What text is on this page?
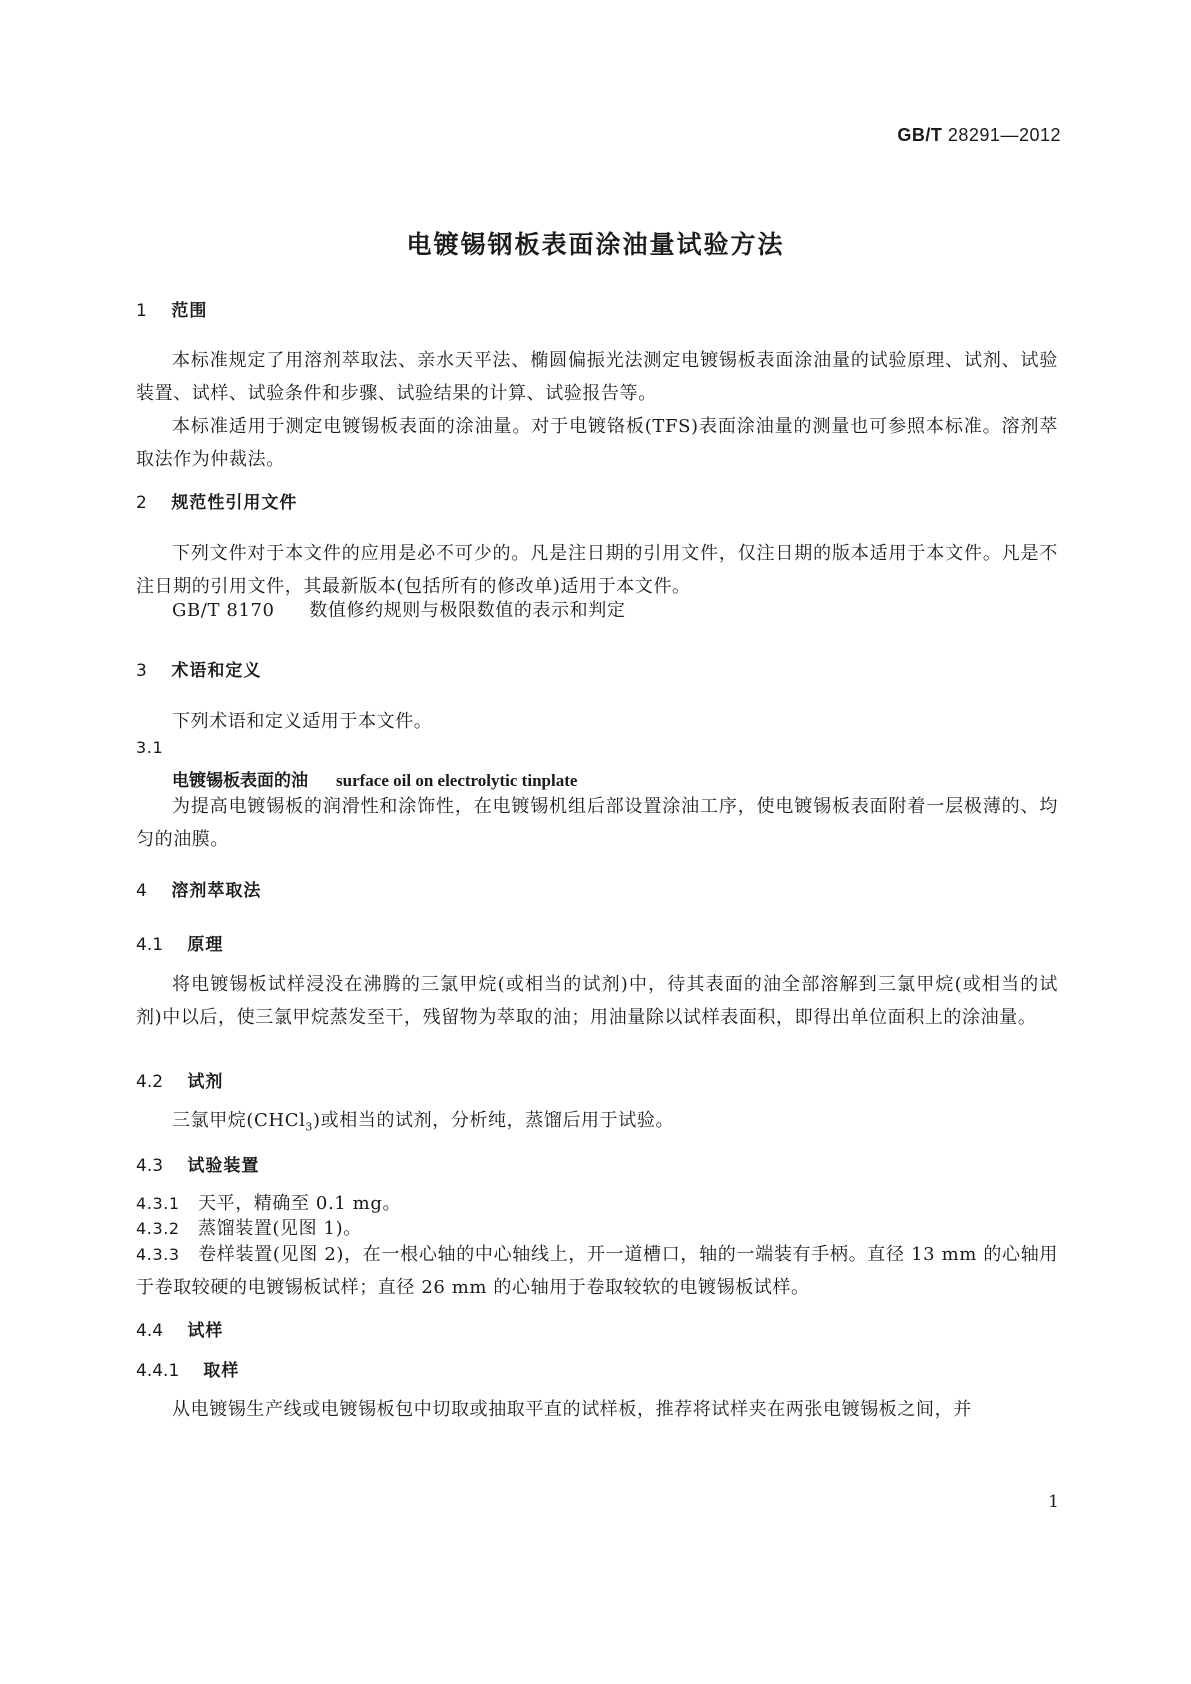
GB/T 28291—2012
电镀锡钢板表面涂油量试验方法
1 范围
本标准规定了用溶剂萃取法、亲水天平法、椭圆偏振光法测定电镀锡板表面涂油量的试验原理、试剂、试验装置、试样、试验条件和步骤、试验结果的计算、试验报告等。
本标准适用于测定电镀锡板表面的涂油量。对于电镀铬板(TFS)表面涂油量的测量也可参照本标准。溶剂萃取法作为仲裁法。
2 规范性引用文件
下列文件对于本文件的应用是必不可少的。凡是注日期的引用文件，仅注日期的版本适用于本文件。凡是不注日期的引用文件，其最新版本(包括所有的修改单)适用于本文件。
GB/T 8170 数值修约规则与极限数值的表示和判定
3 术语和定义
下列术语和定义适用于本文件。
3.1
电镀锡板表面的油 surface oil on electrolytic tinplate
为提高电镀锡板的润滑性和涂饰性，在电镀锡机组后部设置涂油工序，使电镀锡板表面附着一层极薄的、均匀的油膜。
4 溶剂萃取法
4.1 原理
将电镀锡板试样浸没在沸腾的三氯甲烷(或相当的试剂)中，待其表面的油全部溶解到三氯甲烷(或相当的试剂)中以后，使三氯甲烷蒸发至干，残留物为萃取的油；用油量除以试样表面积，即得出单位面积上的涂油量。
4.2 试剂
三氯甲烷(CHCl$_3$)或相当的试剂，分析纯，蒸馏后用于试验。
4.3 试验装置
4.3.1 天平，精确至 0.1 mg。
4.3.2 蒸馏装置(见图 1)。
4.3.3 卷样装置(见图 2)，在一根心轴的中心轴线上，开一道槽口，轴的一端装有手柄。直径 13 mm 的心轴用于卷取较硬的电镀锡板试样；直径 26 mm 的心轴用于卷取较软的电镀锡板试样。
4.4 试样
4.4.1 取样
从电镀锡生产线或电镀锡板包中切取或抽取平直的试样板，推荐将试样夹在两张电镀锡板之间，并
1
